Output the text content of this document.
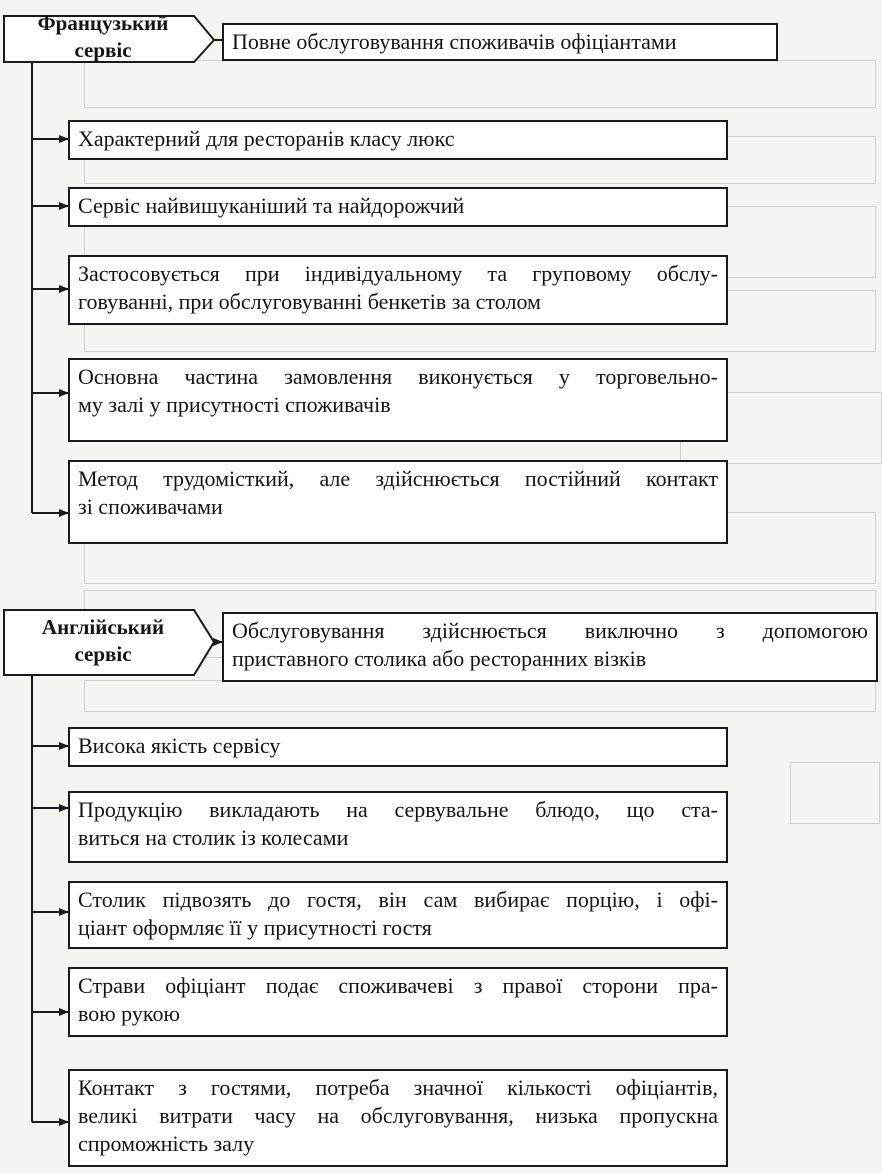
Французький
сервіс	Повне обслуговування споживачів офіціантами
Характерний для ресторанів класу люкс
Сервіс найвишуканіший та найдорожчий
Застосовується при індивідуальному та груповому обслу-
говуванні, при обслуговуванні бенкетів за столом
Основна частина замовлення виконується у торговельно-
му залі у присутності споживачів
Метод трудомісткий, але здійснюється постійний контакт
зі споживачами
Англійський
сервіс
Обслуговування здійснюється виключно з допомогою
приставного столика або ресторанних візків
Висока якість сервісу
Продукцію викладають на сервувальне блюдо, що ста-
виться на столик із колесами
Столик підвозять до гостя, він сам вибирає порцію, і офі-
ціант оформляє її у присутності гостя
Страви офіціант подає споживачеві з правої сторони пра-
вою рукою
Контакт з гостями, потреба значної кількості офіціантів,
великі витрати часу на обслуговування, низька пропускна
спроможність залу
